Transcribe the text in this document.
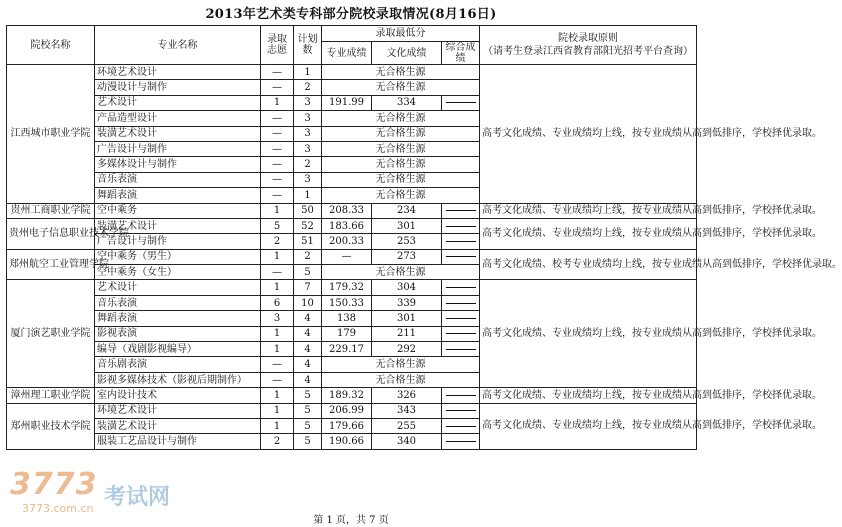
2013年艺术类专科部分院校录取情况(8月16日)
院校名称	专业名称	录取志愿	计划数	录取最低分			院校录取原则
（请考生登录江西省教育部阳光招考平台查询）
				专业成绩	文化成绩	综合成绩	
江西城市职业学院	环境艺术设计	—	1	无合格生源			高考文化成绩、专业成绩均上线，按专业成绩从高到低排序，学校择优录取。
	动漫设计与制作	—	2	无合格生源			
	艺术设计	1	3	191.99	334		
	产品造型设计	—	3	无合格生源			
	装潢艺术设计	—	3	无合格生源			
	广告设计与制作	—	3	无合格生源			
	多媒体设计与制作	—	2	无合格生源			
	音乐表演	—	3	无合格生源			
	舞蹈表演	—	1	无合格生源			
贵州工商职业学院	空中乘务	1	50	208.33	234		高考文化成绩、专业成绩均上线，按专业成绩从高到低排序，学校择优录取。
贵州电子信息职业技术学院	装潢艺术设计	5	52	183.66	301		高考文化成绩、专业成绩均上线，按专业成绩从高到低排序，学校择优录取。
	广告设计与制作	2	51	200.33	253		
郑州航空工业管理学院	空中乘务（男生）	1	2	—	273		高考文化成绩、校考专业成绩均上线，按专业成绩从高到低排序，学校择优录取。
	空中乘务（女生）	—	5	无合格生源			
厦门演艺职业学院	艺术设计	1	7	179.32	304		高考文化成绩、专业成绩均上线，按专业成绩从高到低排序，学校择优录取。
	音乐表演	6	10	150.33	339		
	舞蹈表演	3	4	138	301		
	影视表演	1	4	179	211		
	编导（戏剧影视编导）	1	4	229.17	292		
	音乐剧表演	—	4	无合格生源			
	影视多媒体技术（影视后期制作）	—	4	无合格生源			
漳州理工职业学院	室内设计技术	1	5	189.32	326		高考文化成绩、专业成绩均上线，按专业成绩从高到低排序，学校择优录取。
郑州职业技术学院	环境艺术设计	1	5	206.99	343		高考文化成绩、专业成绩均上线，按专业成绩从高到低排序，学校择优录取。
	装潢艺术设计	1	5	179.66	255		
	服装工艺品设计与制作	2	5	190.66	340		
3773 考试网
3773.com.cn
第 1 页，共 7 页
